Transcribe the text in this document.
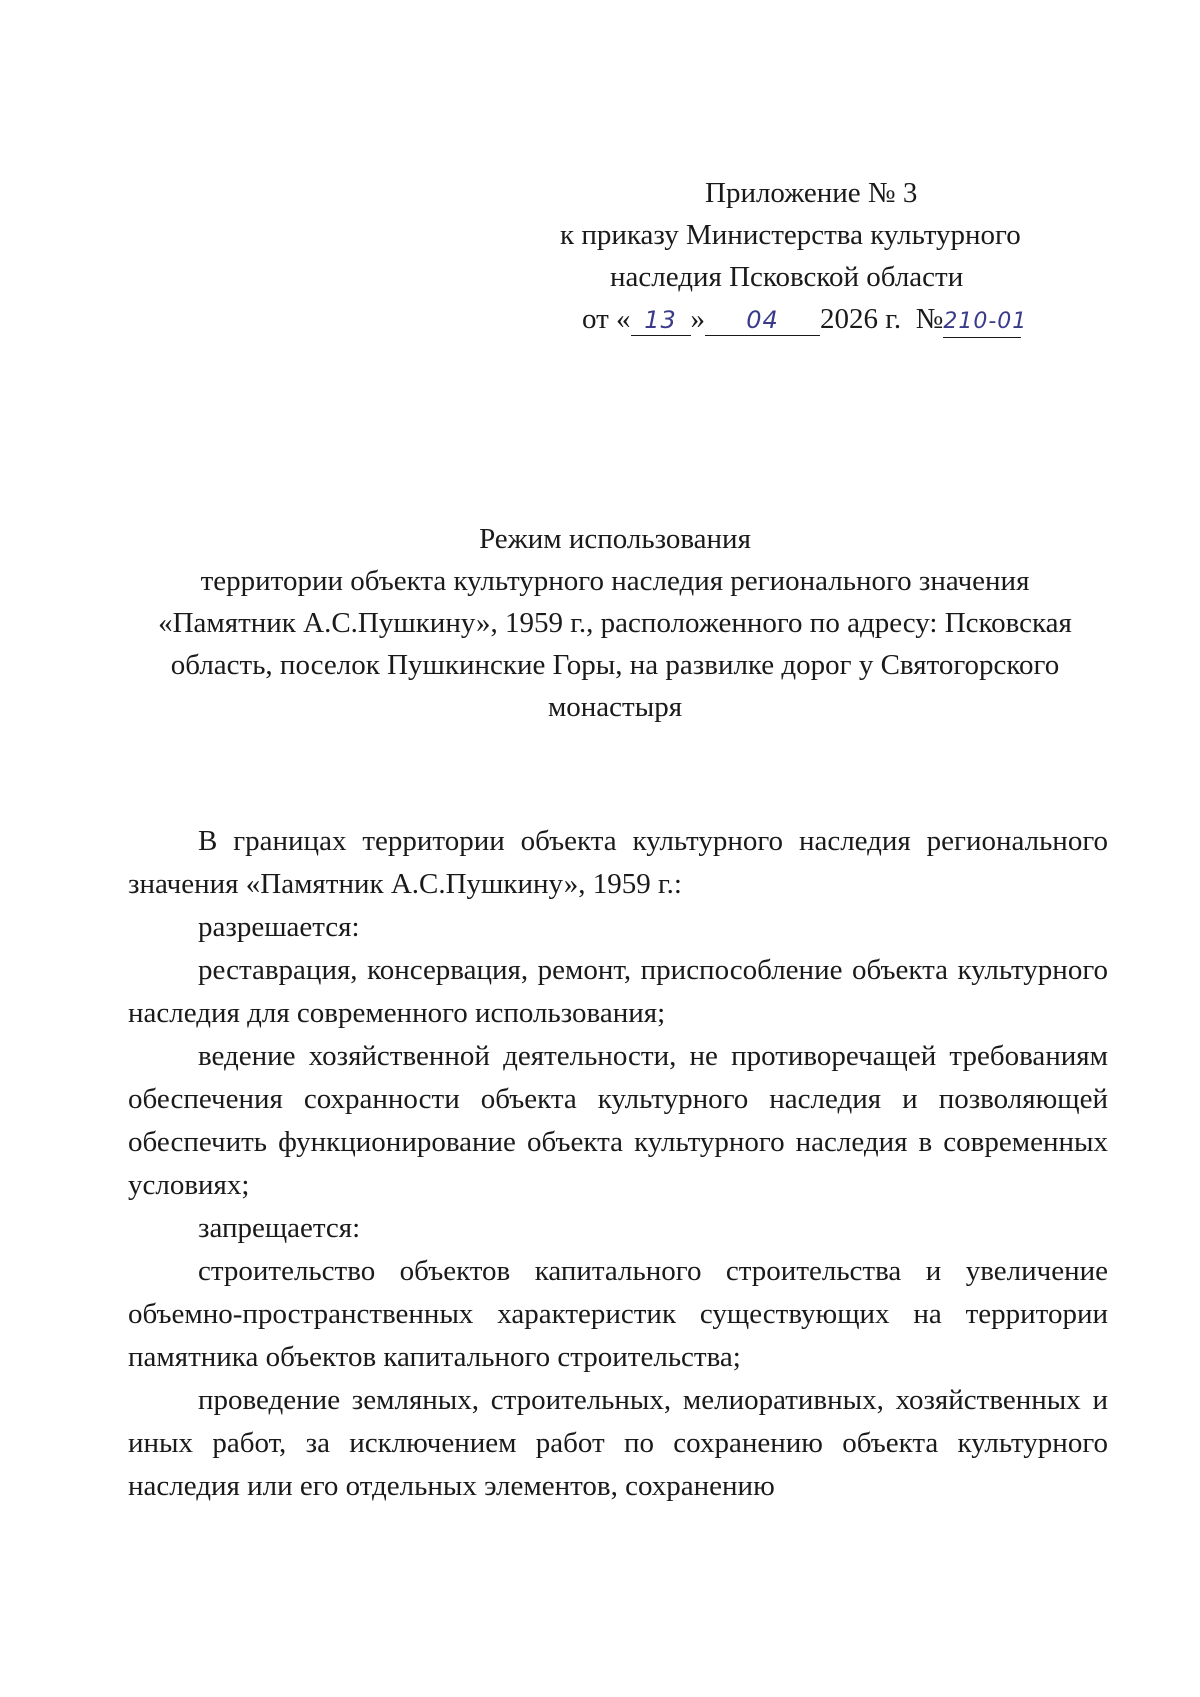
Приложение № 3
к приказу Министерства культурного
наследия Псковской области
от « 13 » 04 2026 г. №210-01
Режим использования
территории объекта культурного наследия регионального значения
«Памятник А.С.Пушкину», 1959 г., расположенного по адресу: Псковская
область, поселок Пушкинские Горы, на развилке дорог у Святогорского
монастыря

В границах территории объекта культурного наследия регионального значения «Памятник А.С.Пушкину», 1959 г.:

разрешается:

реставрация, консервация, ремонт, приспособление объекта культурного наследия для современного использования;

ведение хозяйственной деятельности, не противоречащей требованиям обеспечения сохранности объекта культурного наследия и позволяющей обеспечить функционирование объекта культурного наследия в современных условиях;

запрещается:

строительство объектов капитального строительства и увеличение объемно-пространственных характеристик существующих на территории памятника объектов капитального строительства;

проведение земляных, строительных, мелиоративных, хозяйственных и иных работ, за исключением работ по сохранению объекта культурного наследия или его отдельных элементов, сохранению
